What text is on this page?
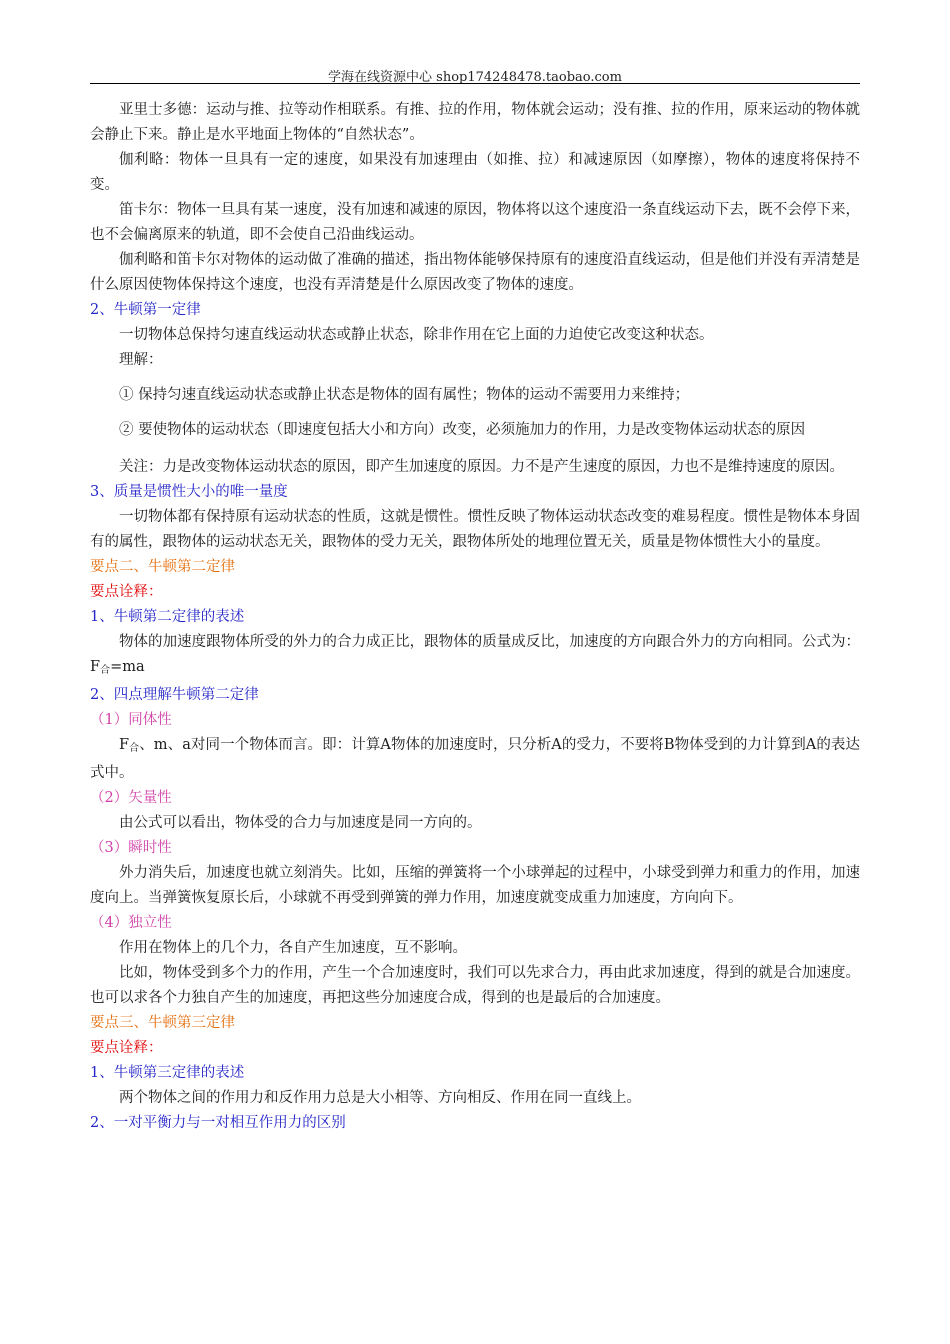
学海在线资源中心 shop174248478.taobao.com

亚里士多德：运动与推、拉等动作相联系。有推、拉的作用，物体就会运动；没有推、拉的作用，原来运动的物体就会静止下来。静止是水平地面上物体的“自然状态”。

伽利略：物体一旦具有一定的速度，如果没有加速理由（如推、拉）和减速原因（如摩擦），物体的速度将保持不变。

笛卡尔：物体一旦具有某一速度，没有加速和减速的原因，物体将以这个速度沿一条直线运动下去，既不会停下来，也不会偏离原来的轨道，即不会使自己沿曲线运动。

伽利略和笛卡尔对物体的运动做了准确的描述，指出物体能够保持原有的速度沿直线运动，但是他们并没有弄清楚是什么原因使物体保持这个速度，也没有弄清楚是什么原因改变了物体的速度。

2、牛顿第一定律

一切物体总保持匀速直线运动状态或静止状态，除非作用在它上面的力迫使它改变这种状态。

理解：

① 保持匀速直线运动状态或静止状态是物体的固有属性；物体的运动不需要用力来维持；

② 要使物体的运动状态（即速度包括大小和方向）改变，必须施加力的作用，力是改变物体运动状态的原因

关注：力是改变物体运动状态的原因，即产生加速度的原因。力不是产生速度的原因，力也不是维持速度的原因。

3、质量是惯性大小的唯一量度

一切物体都有保持原有运动状态的性质，这就是惯性。惯性反映了物体运动状态改变的难易程度。惯性是物体本身固有的属性，跟物体的运动状态无关，跟物体的受力无关，跟物体所处的地理位置无关，质量是物体惯性大小的量度。

要点二、牛顿第二定律

要点诠释：

1、牛顿第二定律的表述

物体的加速度跟物体所受的外力的合力成正比，跟物体的质量成反比，加速度的方向跟合外力的方向相同。公式为：$F_合=ma$

2、四点理解牛顿第二定律

（1）同体性

$F_合$、m、a对同一个物体而言。即：计算A物体的加速度时，只分析A的受力，不要将B物体受到的力计算到A的表达式中。

（2）矢量性

由公式可以看出，物体受的合力与加速度是同一方向的。

（3）瞬时性

外力消失后，加速度也就立刻消失。比如，压缩的弹簧将一个小球弹起的过程中，小球受到弹力和重力的作用，加速度向上。当弹簧恢复原长后，小球就不再受到弹簧的弹力作用，加速度就变成重力加速度，方向向下。

（4）独立性

作用在物体上的几个力，各自产生加速度，互不影响。

比如，物体受到多个力的作用，产生一个合加速度时，我们可以先求合力，再由此求加速度，得到的就是合加速度。也可以求各个力独自产生的加速度，再把这些分加速度合成，得到的也是最后的合加速度。

要点三、牛顿第三定律

要点诠释：

1、牛顿第三定律的表述

两个物体之间的作用力和反作用力总是大小相等、方向相反、作用在同一直线上。

2、一对平衡力与一对相互作用力的区别
